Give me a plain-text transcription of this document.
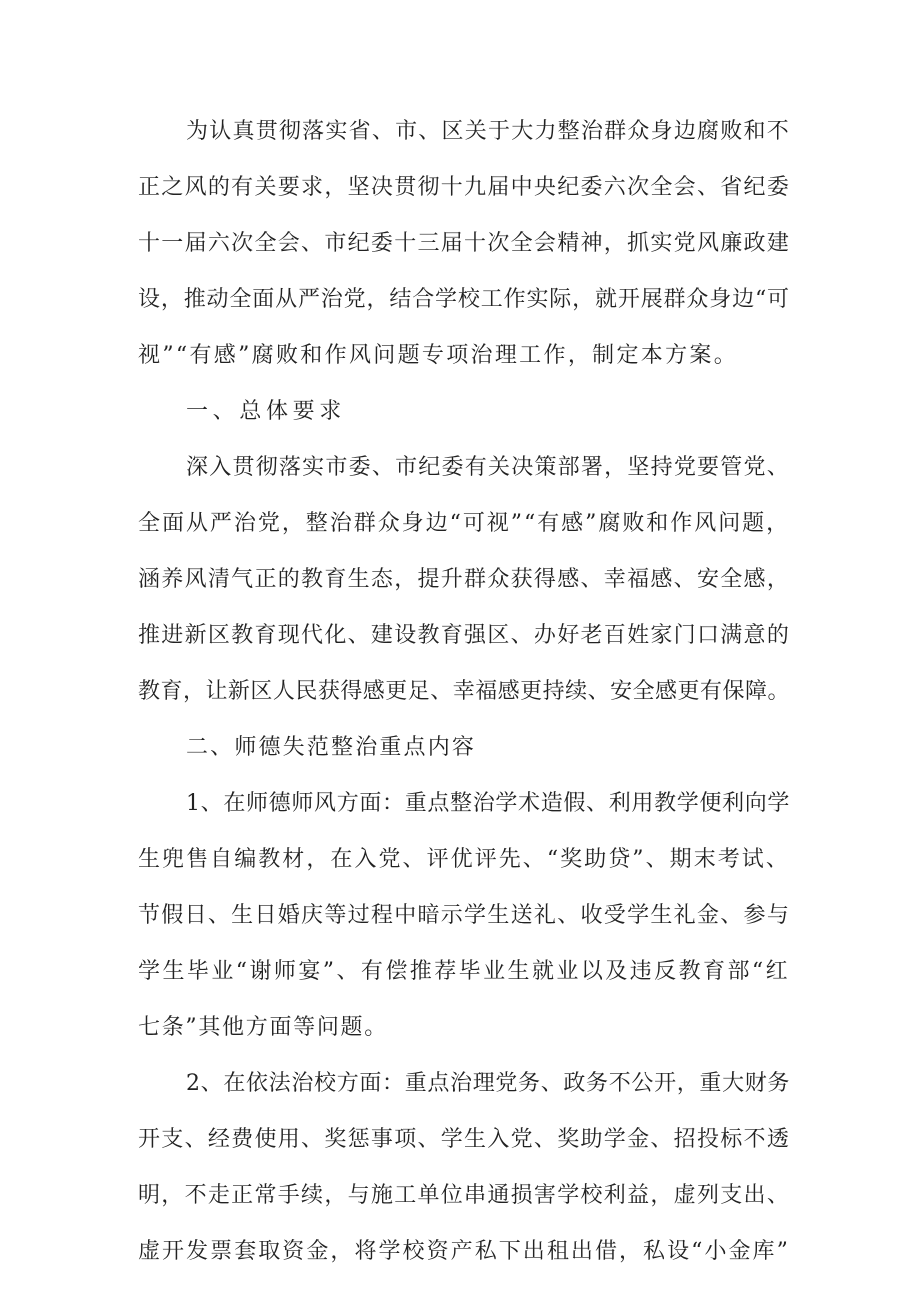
为认真贯彻落实省、市、区关于大力整治群众身边腐败和不
正之风的有关要求，坚决贯彻十九届中央纪委六次全会、省纪委
十一届六次全会、市纪委十三届十次全会精神，抓实党风廉政建
设，推动全面从严治党，结合学校工作实际，就开展群众身边“可
视”“有感”腐败和作风问题专项治理工作，制定本方案。
一、总体要求
深入贯彻落实市委、市纪委有关决策部署，坚持党要管党、
全面从严治党，整治群众身边“可视”“有感”腐败和作风问题，
涵养风清气正的教育生态，提升群众获得感、幸福感、安全感，
推进新区教育现代化、建设教育强区、办好老百姓家门口满意的
教育，让新区人民获得感更足、幸福感更持续、安全感更有保障。
二、师德失范整治重点内容
1、在师德师风方面：重点整治学术造假、利用教学便利向学
生兜售自编教材，在入党、评优评先、“奖助贷”、期末考试、
节假日、生日婚庆等过程中暗示学生送礼、收受学生礼金、参与
学生毕业“谢师宴”、有偿推荐毕业生就业以及违反教育部“红
七条”其他方面等问题。
2、在依法治校方面：重点治理党务、政务不公开，重大财务
开支、经费使用、奖惩事项、学生入党、奖助学金、招投标不透
明，不走正常手续，与施工单位串通损害学校利益，虚列支出、
虚开发票套取资金，将学校资产私下出租出借，私设“小金库”
